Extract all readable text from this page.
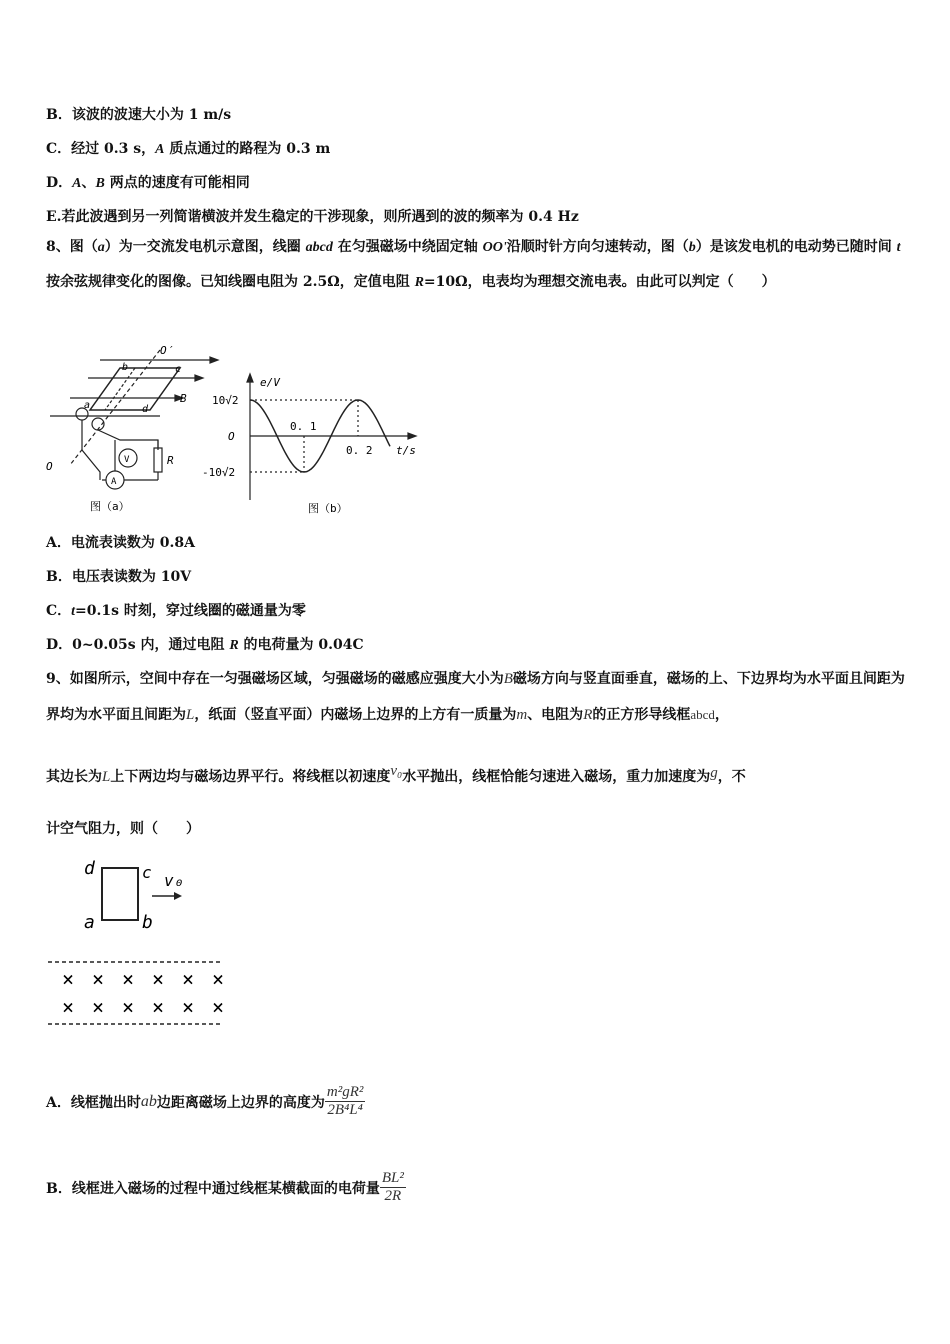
B．该波的波速大小为 1 m/s
C．经过 0.3 s，A 质点通过的路程为 0.3 m
D．A、B 两点的速度有可能相同
E.若此波遇到另一列简谐横波并发生稳定的干涉现象，则所遇到的波的频率为 0.4 Hz
8、图（a）为一交流发电机示意图，线圈 abcd 在匀强磁场中绕固定轴 OO'沿顺时针方向匀速转动，图（b）是该发电机的电动势已随时间 t 按余弦规律变化的图像。已知线圈电阻为 2.5Ω，定值电阻 R=10Ω，电表均为理想交流电表。由此可以判定（　　）
O′
O
b	c
a	d
B
V
A
R
图（a）
e/V
10√2
O
-10√2
0. 1
0. 2 t/s
图（b）
A．电流表读数为 0.8A
B．电压表读数为 10V
C．t=0.1s 时刻，穿过线圈的磁通量为零
D．0~0.05s 内，通过电阻 R 的电荷量为 0.04C
9、如图所示，空间中存在一匀强磁场区域，匀强磁场的磁感应强度大小为B磁场方向与竖直面垂直，磁场的上、下边界均为水平面且间距为
界均为水平面且间距为L，纸面（竖直平面）内磁场上边界的上方有一质量为m、电阻为R的正方形导线框abcd，
其边长为L上下两边均与磁场边界平行。将线框以初速度v₀水平抛出，线框恰能匀速进入磁场，重力加速度为g，不
计空气阻力，则（　　）
d	c
a	b
v₀
× × × × × ×
× × × × × ×
A．线框抛出时 ab 边距离磁场上边界的高度为 $\frac{\text{m²gR²}}{\text{2B⁴L⁴}}$
B．线框进入磁场的过程中通过线框某横截面的电荷量 $\frac{\text{BL²}}{2R}$
